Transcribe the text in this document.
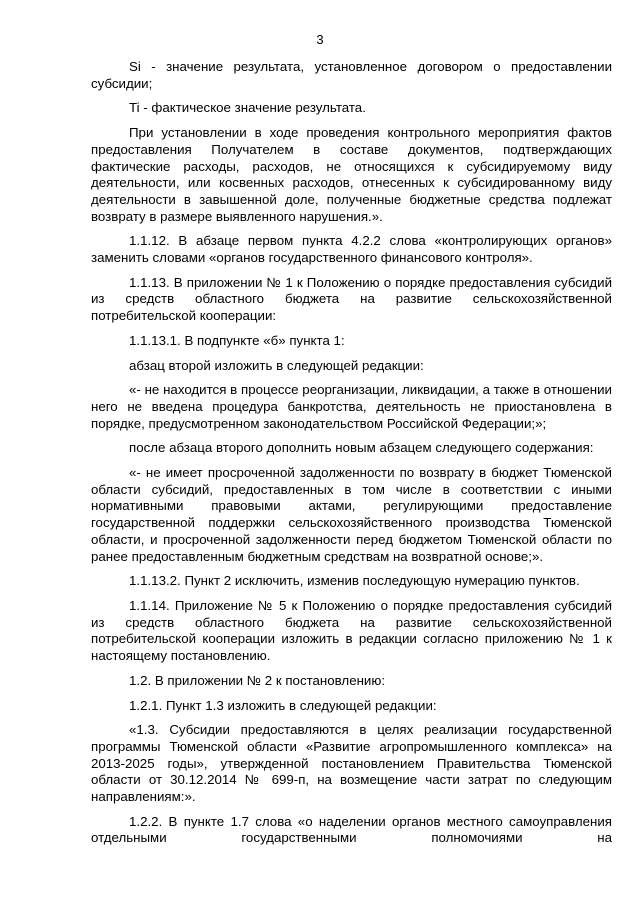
3

Si - значение результата, установленное договором о предоставлении субсидии;

Ti - фактическое значение результата.

При установлении в ходе проведения контрольного мероприятия фактов предоставления Получателем в составе документов, подтверждающих фактические расходы, расходов, не относящихся к субсидируемому виду деятельности, или косвенных расходов, отнесенных к субсидированному виду деятельности в завышенной доле, полученные бюджетные средства подлежат возврату в размере выявленного нарушения.».

1.1.12. В абзаце первом пункта 4.2.2 слова «контролирующих органов» заменить словами «органов государственного финансового контроля».

1.1.13. В приложении № 1 к Положению о порядке предоставления субсидий из средств областного бюджета на развитие сельскохозяйственной потребительской кооперации:

1.1.13.1. В подпункте «б» пункта 1:

абзац второй изложить в следующей редакции:

«- не находится в процессе реорганизации, ликвидации, а также в отношении него не введена процедура банкротства, деятельность не приостановлена в порядке, предусмотренном законодательством Российской Федерации;»;

после абзаца второго дополнить новым абзацем следующего содержания:

«- не имеет просроченной задолженности по возврату в бюджет Тюменской области субсидий, предоставленных в том числе в соответствии с иными нормативными правовыми актами, регулирующими предоставление государственной поддержки сельскохозяйственного производства Тюменской области, и просроченной задолженности перед бюджетом Тюменской области по ранее предоставленным бюджетным средствам на возвратной основе;».

1.1.13.2. Пункт 2 исключить, изменив последующую нумерацию пунктов.

1.1.14. Приложение № 5 к Положению о порядке предоставления субсидий из средств областного бюджета на развитие сельскохозяйственной потребительской кооперации изложить в редакции согласно приложению № 1 к настоящему постановлению.

1.2. В приложении № 2 к постановлению:

1.2.1. Пункт 1.3 изложить в следующей редакции:

«1.3. Субсидии предоставляются в целях реализации государственной программы Тюменской области «Развитие агропромышленного комплекса» на 2013-2025 годы», утвержденной постановлением Правительства Тюменской области от 30.12.2014 № 699-п, на возмещение части затрат по следующим направлениям:».

1.2.2. В пункте 1.7 слова «о наделении органов местного самоуправления отдельными государственными полномочиями на
